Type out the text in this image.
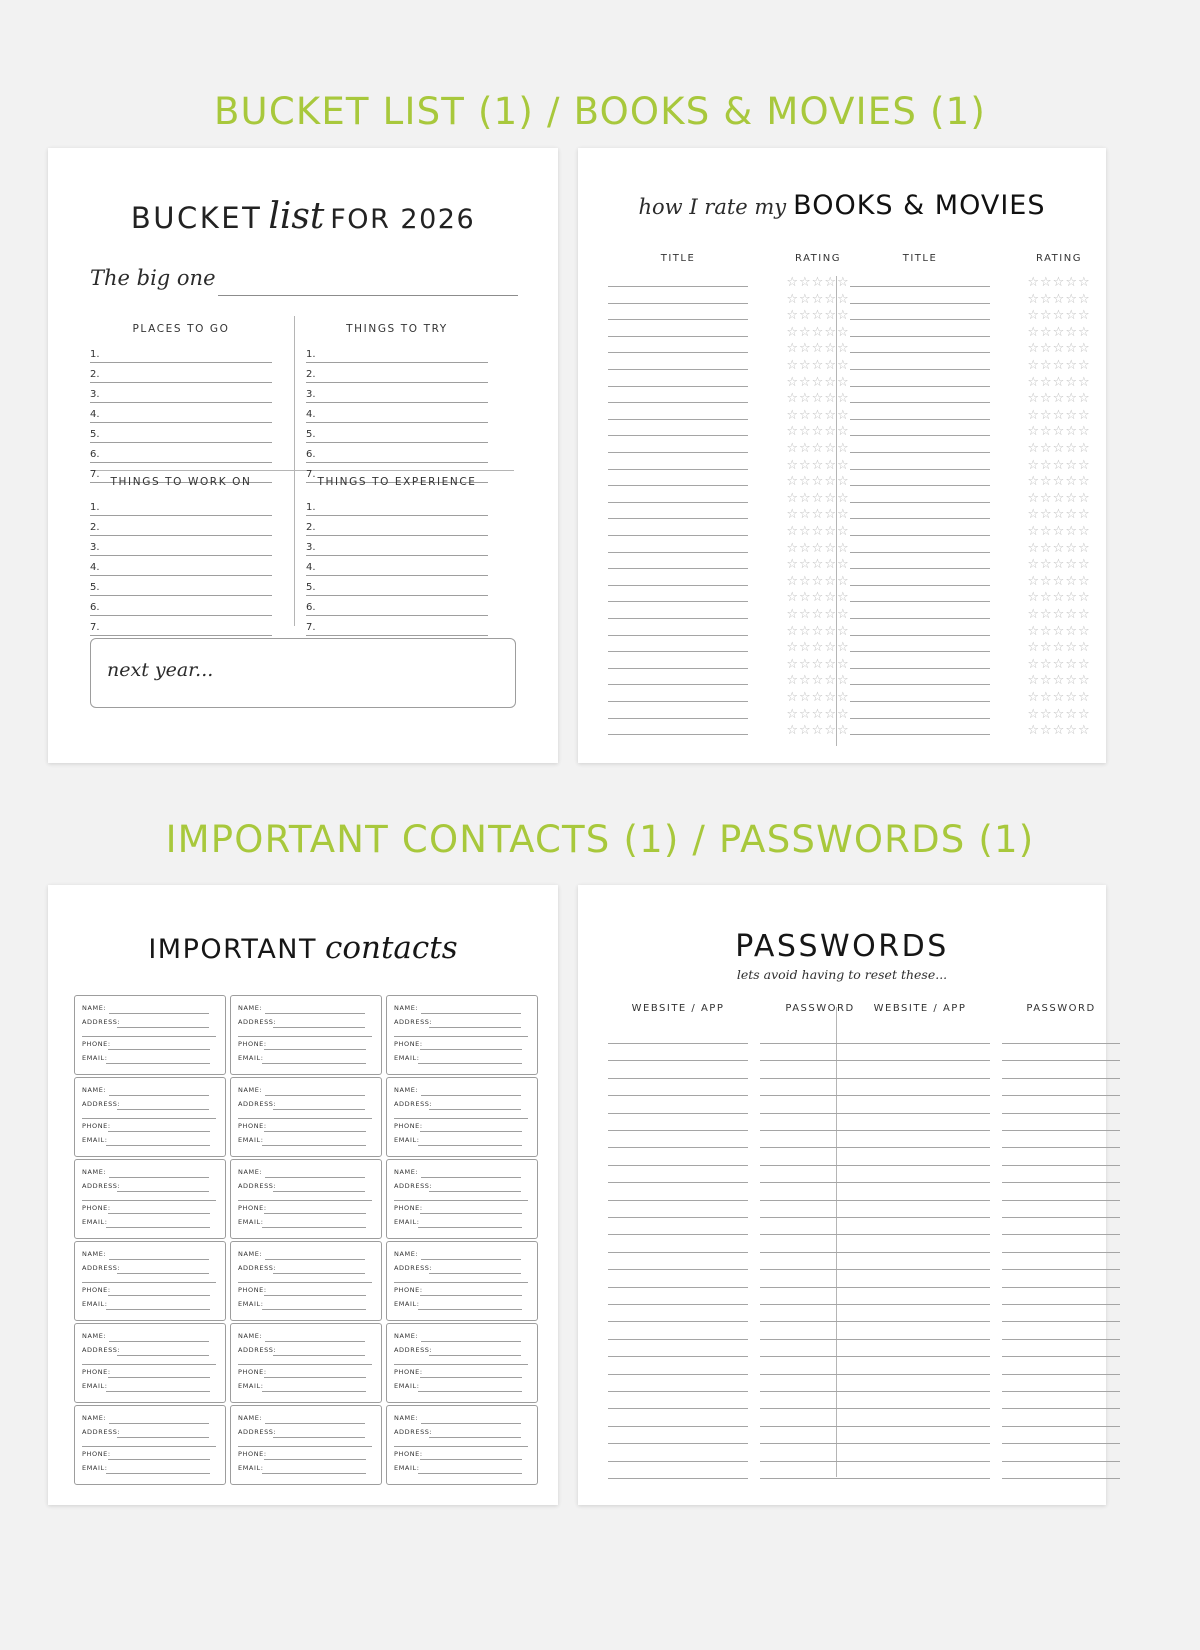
BUCKET LIST (1) / BOOKS & MOVIES (1)
IMPORTANT CONTACTS (1) / PASSWORDS (1)
BUCKET list FOR 2026
The big one
PLACES TO GO
1.
2.
3.
4.
5.
6.
7.
THINGS TO TRY
1.
2.
3.
4.
5.
6.
7.
THINGS TO WORK ON
1.
2.
3.
4.
5.
6.
7.
THINGS TO EXPERIENCE
1.
2.
3.
4.
5.
6.
7.
next year...
how I rate my BOOKS & MOVIES
TITLE	RATING
☆☆☆☆☆
☆☆☆☆☆
☆☆☆☆☆
☆☆☆☆☆
☆☆☆☆☆
☆☆☆☆☆
☆☆☆☆☆
☆☆☆☆☆
☆☆☆☆☆
☆☆☆☆☆
☆☆☆☆☆
☆☆☆☆☆
☆☆☆☆☆
☆☆☆☆☆
☆☆☆☆☆
☆☆☆☆☆
☆☆☆☆☆
☆☆☆☆☆
☆☆☆☆☆
☆☆☆☆☆
☆☆☆☆☆
☆☆☆☆☆
☆☆☆☆☆
☆☆☆☆☆
☆☆☆☆☆
☆☆☆☆☆
☆☆☆☆☆
☆☆☆☆☆
TITLE	RATING
☆☆☆☆☆
☆☆☆☆☆
☆☆☆☆☆
☆☆☆☆☆
☆☆☆☆☆
☆☆☆☆☆
☆☆☆☆☆
☆☆☆☆☆
☆☆☆☆☆
☆☆☆☆☆
☆☆☆☆☆
☆☆☆☆☆
☆☆☆☆☆
☆☆☆☆☆
☆☆☆☆☆
☆☆☆☆☆
☆☆☆☆☆
☆☆☆☆☆
☆☆☆☆☆
☆☆☆☆☆
☆☆☆☆☆
☆☆☆☆☆
☆☆☆☆☆
☆☆☆☆☆
☆☆☆☆☆
☆☆☆☆☆
☆☆☆☆☆
☆☆☆☆☆
IMPORTANT contacts
NAME:
ADDRESS:
PHONE:
EMAIL:
NAME:
ADDRESS:
PHONE:
EMAIL:
NAME:
ADDRESS:
PHONE:
EMAIL:
NAME:
ADDRESS:
PHONE:
EMAIL:
NAME:
ADDRESS:
PHONE:
EMAIL:
NAME:
ADDRESS:
PHONE:
EMAIL:
NAME:
ADDRESS:
PHONE:
EMAIL:
NAME:
ADDRESS:
PHONE:
EMAIL:
NAME:
ADDRESS:
PHONE:
EMAIL:
NAME:
ADDRESS:
PHONE:
EMAIL:
NAME:
ADDRESS:
PHONE:
EMAIL:
NAME:
ADDRESS:
PHONE:
EMAIL:
NAME:
ADDRESS:
PHONE:
EMAIL:
NAME:
ADDRESS:
PHONE:
EMAIL:
NAME:
ADDRESS:
PHONE:
EMAIL:
NAME:
ADDRESS:
PHONE:
EMAIL:
NAME:
ADDRESS:
PHONE:
EMAIL:
NAME:
ADDRESS:
PHONE:
EMAIL:
PASSWORDS
lets avoid having to reset these...
WEBSITE / APP	PASSWORD	WEBSITE / APP	PASSWORD
